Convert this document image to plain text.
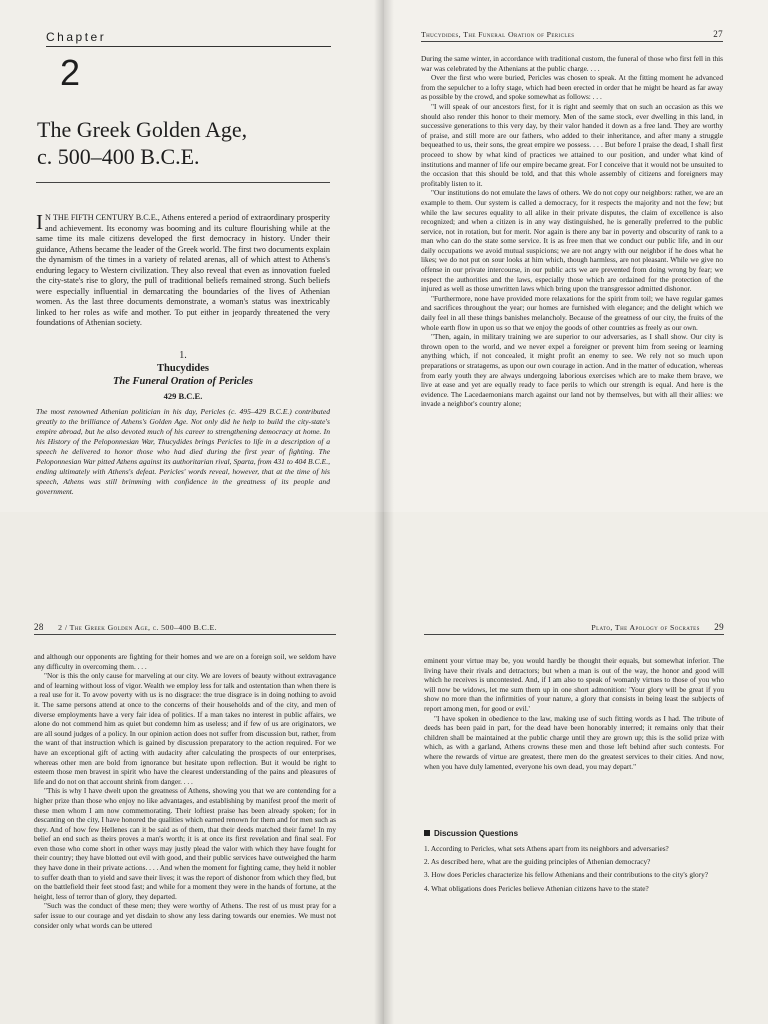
Chapter
2
The Greek Golden Age,
c. 500–400 B.C.E.
I N THE FIFTH CENTURY B.C.E., Athens entered a period of extraordinary prosperity and achievement. Its economy was booming and its culture flourishing while at the same time its male citizens developed the first democracy in history. Under their guidance, Athens became the leader of the Greek world. The first two documents explain the dynamism of the times in a variety of related arenas, all of which attest to Athens's enduring legacy to Western civilization. They also reveal that even as innovation fueled the city-state's rise to glory, the pull of traditional beliefs remained strong. Such beliefs were especially influential in demarcating the boundaries of the lives of Athenian women. As the last three documents demonstrate, a woman's status was inextricably linked to her roles as wife and mother. To put either in jeopardy threatened the very foundations of Athenian society.
1.
Thucydides
The Funeral Oration of Pericles
429 B.C.E.
The most renowned Athenian politician in his day, Pericles (c. 495–429 B.C.E.) contributed greatly to the brilliance of Athens's Golden Age. Not only did he help to build the city-state's empire abroad, but he also devoted much of his career to strengthening democracy at home. In his History of the Peloponnesian War, Thucydides brings Pericles to life in a description of a speech he delivered to honor those who had died during the first year of fighting. The Peloponnesian War pitted Athens against its authoritarian rival, Sparta, from 431 to 404 B.C.E., ending ultimately with Athens's defeat. Pericles' words reveal, however, that at the time of his speech, Athens was still brimming with confidence in the greatness of its people and government.
Thucydides, The Funeral Oration of Pericles	27

During the same winter, in accordance with traditional custom, the funeral of those who first fell in this war was celebrated by the Athenians at the public charge. . . .

Over the first who were buried, Pericles was chosen to speak. At the fitting moment he advanced from the sepulcher to a lofty stage, which had been erected in order that he might be heard as far away as possible by the crowd, and spoke somewhat as follows: . . .

"I will speak of our ancestors first, for it is right and seemly that on such an occasion as this we should also render this honor to their memory. Men of the same stock, ever dwelling in this land, in successive generations to this very day, by their valor handed it down as a free land. They are worthy of praise, and still more are our fathers, who added to their inheritance, and after many a struggle bequeathed to us, their sons, the great empire we possess. . . . But before I praise the dead, I shall first proceed to show by what kind of practices we attained to our position, and under what kind of institutions and manner of life our empire became great. For I conceive that it would not be unsuited to the occasion that this should be told, and that this whole assembly of citizens and foreigners may profitably listen to it.

"Our institutions do not emulate the laws of others. We do not copy our neighbors: rather, we are an example to them. Our system is called a democracy, for it respects the majority and not the few; but while the law secures equality to all alike in their private disputes, the claim of excellence is also recognized; and when a citizen is in any way distinguished, he is generally preferred to the public service, not in rotation, but for merit. Nor again is there any bar in poverty and obscurity of rank to a man who can do the state some service. It is as free men that we conduct our public life, and in our daily occupations we avoid mutual suspicions; we are not angry with our neighbor if he does what he likes; we do not put on sour looks at him which, though harmless, are not pleasant. While we give no offense in our private intercourse, in our public acts we are prevented from doing wrong by fear; we respect the authorities and the laws, especially those which are ordained for the protection of the injured as well as those unwritten laws which bring upon the transgressor admitted dishonor.

"Furthermore, none have provided more relaxations for the spirit from toil; we have regular games and sacrifices throughout the year; our homes are furnished with elegance; and the delight which we daily feel in all these things banishes melancholy. Because of the greatness of our city, the fruits of the whole earth flow in upon us so that we enjoy the goods of other countries as freely as our own.

"Then, again, in military training we are superior to our adversaries, as I shall show. Our city is thrown open to the world, and we never expel a foreigner or prevent him from seeing or learning anything which, if not concealed, it might profit an enemy to see. We rely not so much upon preparations or stratagems, as upon our own courage in action. And in the matter of education, whereas from early youth they are always undergoing laborious exercises which are to make them brave, we live at ease and yet are equally ready to face perils to which our strength is equal. And here is the evidence. The Lacedaemonians march against our land not by themselves, but with all their allies: we invade a neighbor's country alone;

28 2 / The Greek Golden Age, c. 500–400 B.C.E.

and although our opponents are fighting for their homes and we are on a foreign soil, we seldom have any difficulty in overcoming them. . . .

"Nor is this the only cause for marveling at our city. We are lovers of beauty without extravagance and of learning without loss of vigor. Wealth we employ less for talk and ostentation than when there is a real use for it. To avow poverty with us is no disgrace: the true disgrace is in doing nothing to avoid it. The same persons attend at once to the concerns of their households and of the city, and men of diverse employments have a very fair idea of politics. If a man takes no interest in public affairs, we alone do not commend him as quiet but condemn him as useless; and if few of us are originators, we are all sound judges of a policy. In our opinion action does not suffer from discussion but, rather, from the want of that instruction which is gained by discussion preparatory to the action required. For we have an exceptional gift of acting with audacity after calculating the prospects of our enterprises, whereas other men are bold from ignorance but hesitate upon reflection. But it would be right to esteem those men bravest in spirit who have the clearest understanding of the pains and pleasures of life and do not on that account shrink from danger. . . .

"This is why I have dwelt upon the greatness of Athens, showing you that we are contending for a higher prize than those who enjoy no like advantages, and establishing by manifest proof the merit of these men whom I am now commemorating. Their loftiest praise has been already spoken; for in descanting on the city, I have honored the qualities which earned renown for them and for men such as they. And of how few Hellenes can it be said as of them, that their deeds matched their fame! In my belief an end such as theirs proves a man's worth; it is at once its first revelation and final seal. For even those who come short in other ways may justly plead the valor with which they have fought for their country; they have blotted out evil with good, and their public services have outweighed the harm they have done in their private actions. . . . And when the moment for fighting came, they held it nobler to suffer death than to yield and save their lives; it was the report of dishonor from which they fled, but on the battlefield their feet stood fast; and while for a moment they were in the hands of fortune, at the height, less of terror than of glory, they departed.

"Such was the conduct of these men; they were worthy of Athens. The rest of us must pray for a safer issue to our courage and yet disdain to show any less daring towards our enemies. We must not consider only what words can be uttered

Plato, The Apology of Socrates 29

eminent your virtue may be, you would hardly be thought their equals, but somewhat inferior. The living have their rivals and detractors; but when a man is out of the way, the honor and good will which he receives is uncontested. And, if I am also to speak of womanly virtues to those of you who will now be widows, let me sum them up in one short admonition: 'Your glory will be great if you show no more than the infirmities of your nature, a glory that consists in being least the subjects of report among men, for good or evil.'

"I have spoken in obedience to the law, making use of such fitting words as I had. The tribute of deeds has been paid in part, for the dead have been honorably interred; it remains only that their children shall be maintained at the public charge until they are grown up; this is the solid prize with which, as with a garland, Athens crowns these men and those left behind after such contests. For where the rewards of virtue are greatest, there men do the greatest services to their cities. And now, when you have duly lamented, everyone his own dead, you may depart."

Discussion Questions
1. According to Pericles, what sets Athens apart from its neighbors and adversaries?
2. As described here, what are the guiding principles of Athenian democracy?
3. How does Pericles characterize his fellow Athenians and their contributions to the city's glory?
4. What obligations does Pericles believe Athenian citizens have to the state?
